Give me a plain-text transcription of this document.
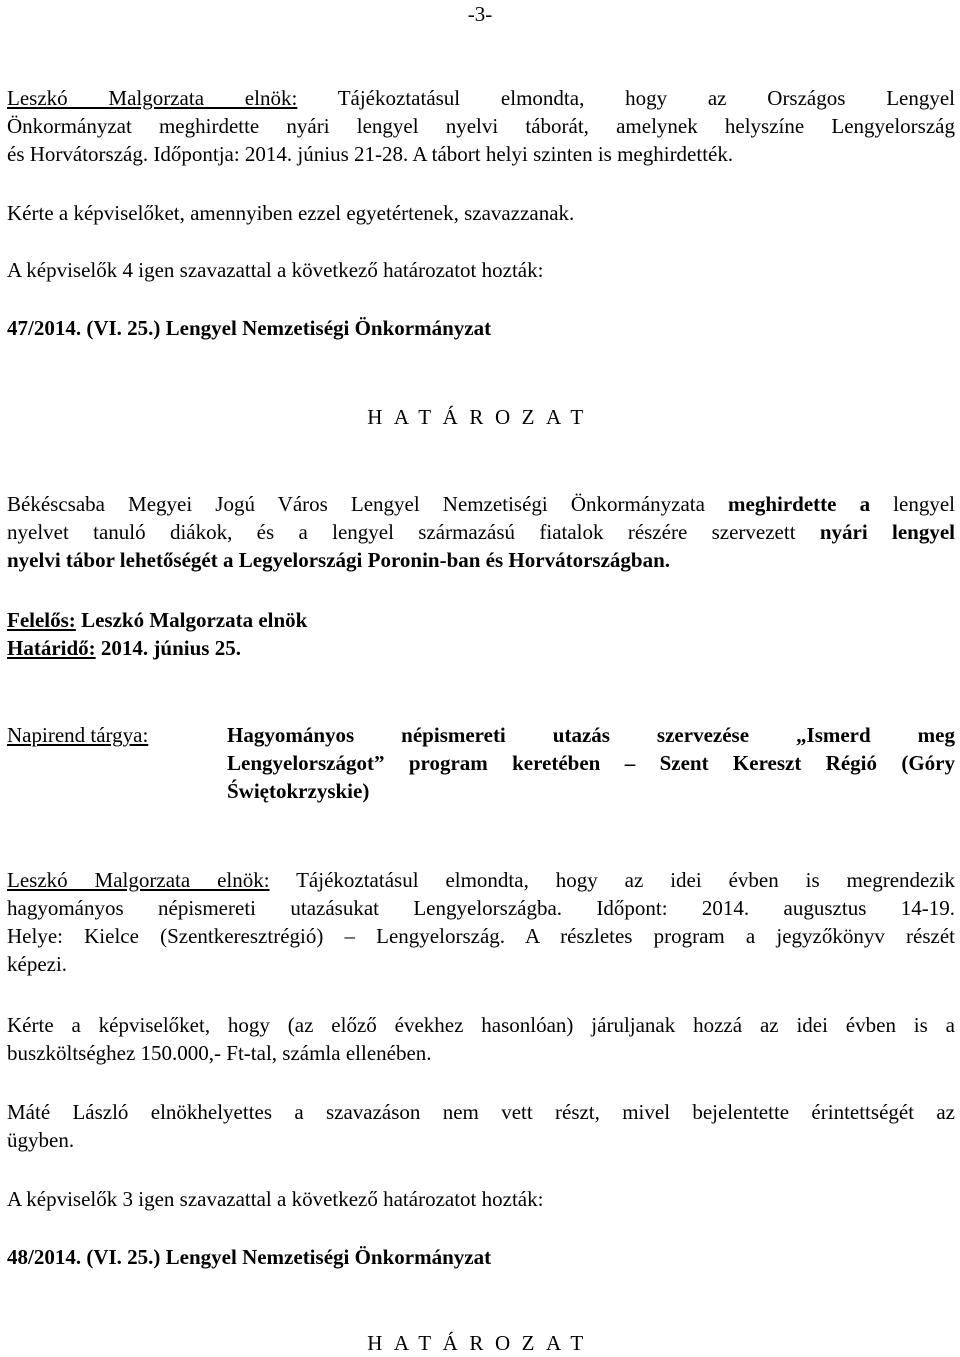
-3-
Leszkó Malgorzata elnök: Tájékoztatásul elmondta, hogy az Országos Lengyel
Önkormányzat meghirdette nyári lengyel nyelvi táborát, amelynek helyszíne Lengyelország
és Horvátország. Időpontja: 2014. június 21-28. A tábort helyi szinten is meghirdették.
Kérte a képviselőket, amennyiben ezzel egyetértenek, szavazzanak.
A képviselők 4 igen szavazattal a következő határozatot hozták:
47/2014. (VI. 25.) Lengyel Nemzetiségi Önkormányzat
HATÁROZAT
Békéscsaba Megyei Jogú Város Lengyel Nemzetiségi Önkormányzata meghirdette a lengyel
nyelvet tanuló diákok, és a lengyel származású fiatalok részére szervezett nyári lengyel
nyelvi tábor lehetőségét a Legyelországi Poronin-ban és Horvátországban.
Felelős: Leszkó Malgorzata elnök
Határidő: 2014. június 25.
Napirend tárgya:	Hagyományos népismereti utazás szervezése „Ismerd meg
Lengyelországot” program keretében – Szent Kereszt Régió (Góry
Świętokrzyskie)
Leszkó Malgorzata elnök: Tájékoztatásul elmondta, hogy az idei évben is megrendezik
hagyományos népismereti utazásukat Lengyelországba. Időpont: 2014. augusztus 14-19.
Helye: Kielce (Szentkeresztrégió) – Lengyelország. A részletes program a jegyzőkönyv részét
képezi.
Kérte a képviselőket, hogy (az előző évekhez hasonlóan) járuljanak hozzá az idei évben is a
buszköltséghez 150.000,- Ft-tal, számla ellenében.
Máté László elnökhelyettes a szavazáson nem vett részt, mivel bejelentette érintettségét az
ügyben.
A képviselők 3 igen szavazattal a következő határozatot hozták:
48/2014. (VI. 25.) Lengyel Nemzetiségi Önkormányzat
HATÁROZAT
